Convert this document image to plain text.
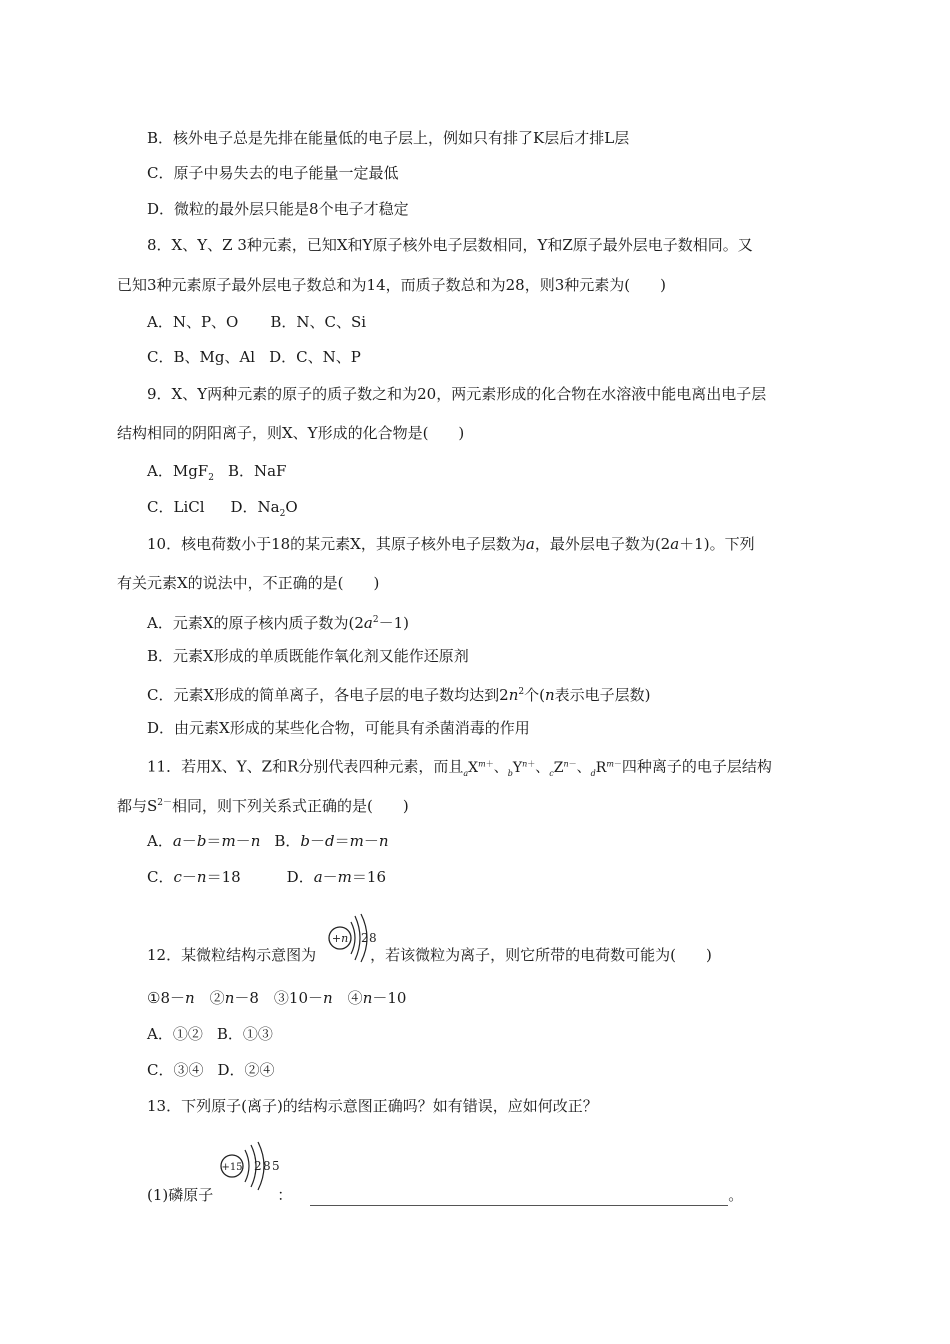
B．核外电子总是先排在能量低的电子层上，例如只有排了K层后才排L层
C．原子中易失去的电子能量一定最低
D．微粒的最外层只能是8个电子才稳定
8．X、Y、Z 3种元素，已知X和Y原子核外电子层数相同，Y和Z原子最外层电子数相同。又
已知3种元素原子最外层电子数总和为14，而质子数总和为28，则3种元素为(　　)
A．N、P、O B．N、C、Si
C．B、Mg、Al D．C、N、P
9．X、Y两种元素的原子的质子数之和为20，两元素形成的化合物在水溶液中能电离出电子层
结构相同的阴阳离子，则X、Y形成的化合物是(　　)
A．MgF$_2$ B．NaF
C．LiCl D．$Na_2O$
10．核电荷数小于18的某元素X，其原子核外电子层数为a，最外层电子数为(2a＋1)。下列
有关元素X的说法中，不正确的是(　　)
A．元素X的原子核内质子数为$(2a^2-1)$
B．元素X形成的单质既能作氧化剂又能作还原剂
C．元素X形成的简单离子，各电子层的电子数均达到$2n^2$个(n表示电子层数)
D．由元素X形成的某些化合物，可能具有杀菌消毒的作用
11．若用X、Y、Z和R分别代表四种元素，而且$_aX^{m+}$、$_bY^{n+}$、$_cZ^{n-}$、$_dR^{m-}$四种离子的电子层结构
都与$S^{2-}$相同，则下列关系式正确的是(　　)
A．a－b＝m－n B．b－d＝m－n
C．c－n＝18	D．a－m＝16
12．某微粒结构示意图为	，若该微粒为离子，则它所带的电荷数可能为(　　)
+n 2 8
①8－n　②n－8　③10－n　④n－10
A．①② B．①③
C．③④ D．②④
13．下列原子(离子)的结构示意图正确吗？如有错误，应如何改正？
+15 2 8 5
(1)磷原子	：	。
